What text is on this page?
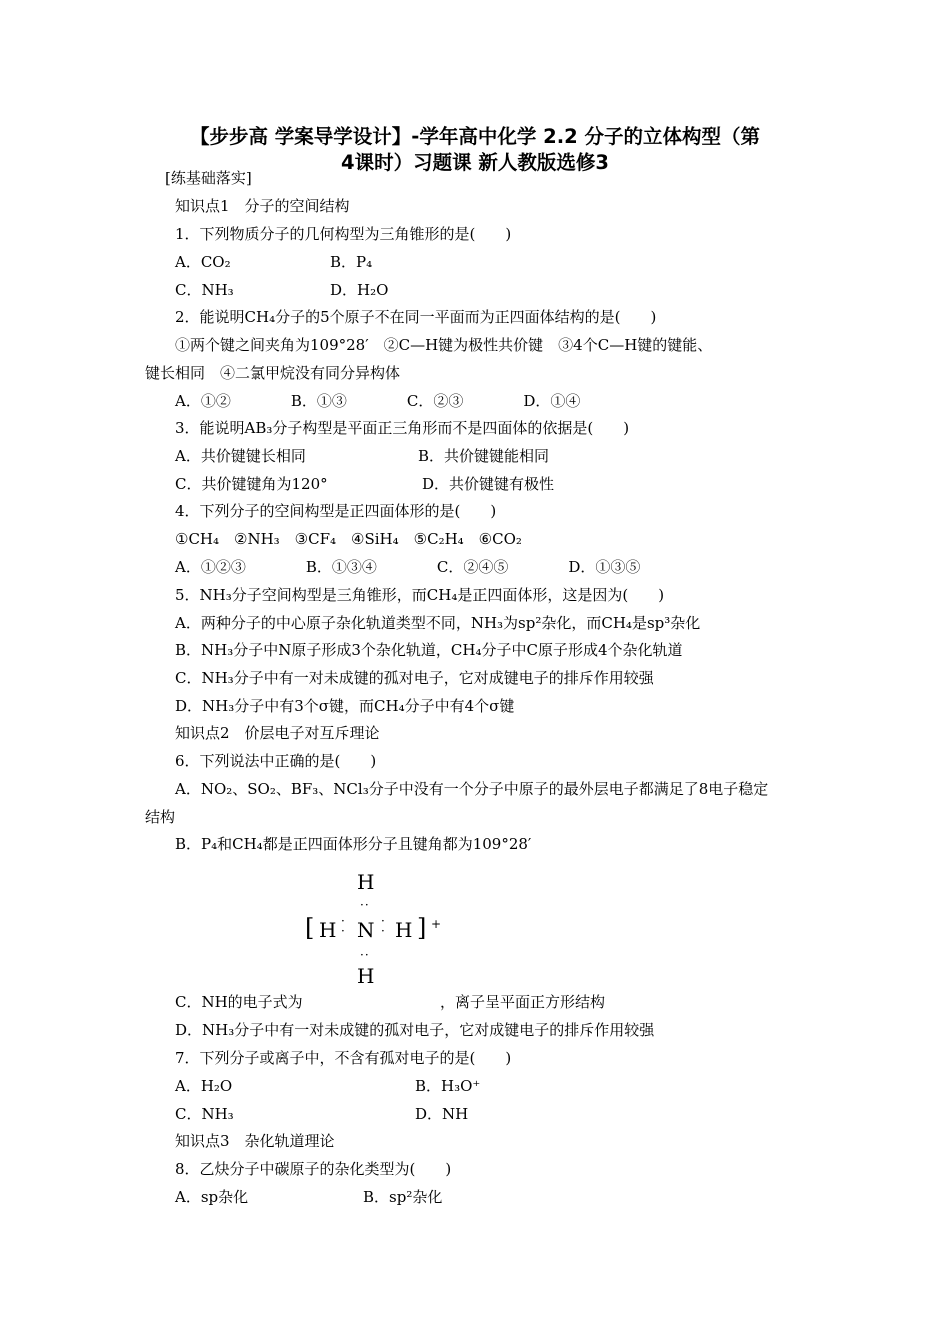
【步步高 学案导学设计】-学年高中化学 2.2 分子的立体构型（第
4课时）习题课 新人教版选修3
[练基础落实]
知识点1　分子的空间结构
1．下列物质分子的几何构型为三角锥形的是(　　)
A．CO₂	B．P₄
C．NH₃	D．H₂O
2．能说明CH₄分子的5个原子不在同一平面而为正四面体结构的是(　　)
①两个键之间夹角为109°28′　②C—H键为极性共价键　③4个C—H键的键能、
键长相同　④二氯甲烷没有同分异构体
A．①②　　　　B．①③　　　　C．②③　　　　D．①④
3．能说明AB₃分子构型是平面正三角形而不是四面体的依据是(　　)
A．共价键键长相同	B．共价键键能相同
C．共价键键角为120°	D．共价键键有极性
4．下列分子的空间构型是正四面体形的是(　　)
①CH₄　②NH₃　③CF₄　④SiH₄　⑤C₂H₄　⑥CO₂
A．①②③　　　　B．①③④　　　　C．②④⑤　　　　D．①③⑤
5．NH₃分子空间构型是三角锥形，而CH₄是正四面体形，这是因为(　　)
A．两种分子的中心原子杂化轨道类型不同，NH₃为sp²杂化，而CH₄是sp³杂化
B．NH₃分子中N原子形成3个杂化轨道，CH₄分子中C原子形成4个杂化轨道
C．NH₃分子中有一对未成键的孤对电子，它对成键电子的排斥作用较强
D．NH₃分子中有3个σ键，而CH₄分子中有4个σ键
知识点2　价层电子对互斥理论
6．下列说法中正确的是(　　)
A．NO₂、SO₂、BF₃、NCl₃分子中没有一个分子中原子的最外层电子都满足了8电子稳定
结构
B．P₄和CH₄都是正四面体形分子且键角都为109°28′
H
··
[ H ·
· N ·
· H ] +
··
H
C．NH的电子式为	，离子呈平面正方形结构
D．NH₃分子中有一对未成键的孤对电子，它对成键电子的排斥作用较强
7．下列分子或离子中，不含有孤对电子的是(　　)
A．H₂O	B．H₃O⁺
C．NH₃	D．NH
知识点3　杂化轨道理论
8．乙炔分子中碳原子的杂化类型为(　　)
A．sp杂化	B．sp²杂化
